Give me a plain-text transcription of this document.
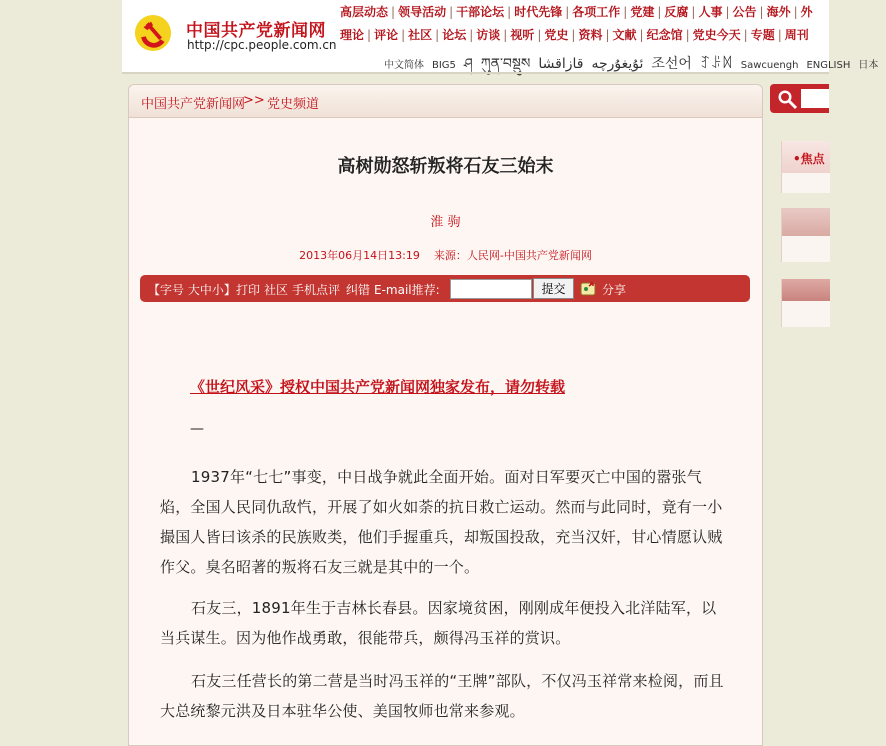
中国共产党新闻网
http://cpc.people.com.cn
高层动态 | 领导活动 | 干部论坛 | 时代先锋 | 各项工作 | 党建 | 反腐 | 人事 | 公告 | 海外 | 外
理论 | 评论 | 社区 | 论坛 | 访谈 | 视听 | 党史 | 资料 | 文献 | 纪念馆 | 党史今天 | 专题 | 周刊
中文简体 BIG5 ཤ ཀུན་བསྡུས	ئۇيغۇرچەقازاقشا	조선어 ꆈꌠꉙ Sawcuengh ENGLISH 日本
中国共产党新闻网
>> 党史频道
高树勋怒斩叛将石友三始末
淮 驹
2013年06月14日13:19 来源：人民网-中国共产党新闻网
【字号 大中小】 打印 社区 手机点评 纠错 E-mail推荐:	提交	分享
《世纪风采》授权中国共产党新闻网独家发布，请勿转载
—
1937年“七七”事变，中日战争就此全面开始。面对日军要灭亡中国的嚣张气焰，全国人民同仇敌忾，开展了如火如荼的抗日救亡运动。然而与此同时，竟有一小撮国人皆曰该杀的民族败类，他们手握重兵，却叛国投敌，充当汉奸，甘心情愿认贼作父。臭名昭著的叛将石友三就是其中的一个。
石友三，1891年生于吉林长春县。因家境贫困，刚刚成年便投入北洋陆军，以当兵谋生。因为他作战勇敢，很能带兵，颇得冯玉祥的赏识。
石友三任营长的第二营是当时冯玉祥的“王牌”部队，不仅冯玉祥常来检阅，而且大总统黎元洪及日本驻华公使、美国牧师也常来参观。
•焦点
